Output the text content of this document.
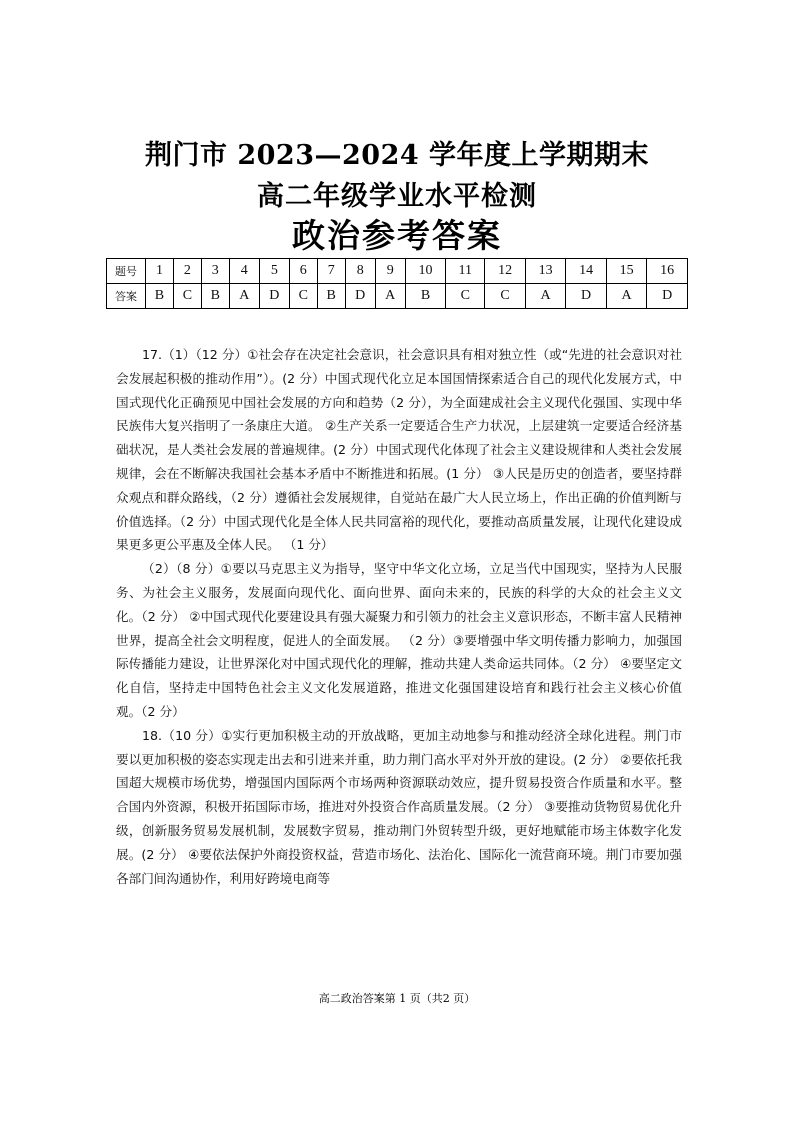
荆门市 2023—2024 学年度上学期期末
高二年级学业水平检测
政治参考答案
题号	1	2	3	4	5	6	7	8	9	10	11	12	13	14	15	16
答案	B	C	B	A	D	C	B	D	A	B	C	C	A	D	A	D

17.（1）（12 分）①社会存在决定社会意识，社会意识具有相对独立性（或“先进的社会意识对社会发展起积极的推动作用”）。(2 分）中国式现代化立足本国国情探索适合自己的现代化发展方式，中国式现代化正确预见中国社会发展的方向和趋势（2 分），为全面建成社会主义现代化强国、实现中华民族伟大复兴指明了一条康庄大道。 ②生产关系一定要适合生产力状况，上层建筑一定要适合经济基础状况，是人类社会发展的普遍规律。(2 分）中国式现代化体现了社会主义建设规律和人类社会发展规律，会在不断解决我国社会基本矛盾中不断推进和拓展。(1 分） ③人民是历史的创造者，要坚持群众观点和群众路线，（2 分）遵循社会发展规律，自觉站在最广大人民立场上，作出正确的价值判断与价值选择。（2 分）中国式现代化是全体人民共同富裕的现代化，要推动高质量发展，让现代化建设成果更多更公平惠及全体人民。 （1 分）

（2）（8 分）①要以马克思主义为指导，坚守中华文化立场，立足当代中国现实，坚持为人民服务、为社会主义服务，发展面向现代化、面向世界、面向未来的，民族的科学的大众的社会主义文化。（2 分） ②中国式现代化要建设具有强大凝聚力和引领力的社会主义意识形态，不断丰富人民精神世界，提高全社会文明程度，促进人的全面发展。 （2 分）③要增强中华文明传播力影响力，加强国际传播能力建设，让世界深化对中国式现代化的理解，推动共建人类命运共同体。（2 分） ④要坚定文化自信，坚持走中国特色社会主义文化发展道路，推进文化强国建设培育和践行社会主义核心价值观。（2 分）

18.（10 分）①实行更加积极主动的开放战略，更加主动地参与和推动经济全球化进程。荆门市要以更加积极的姿态实现走出去和引进来并重，助力荆门高水平对外开放的建设。(2 分） ②要依托我国超大规模市场优势，增强国内国际两个市场两种资源联动效应，提升贸易投资合作质量和水平。整合国内外资源，积极开拓国际市场，推进对外投资合作高质量发展。（2 分） ③要推动货物贸易优化升级，创新服务贸易发展机制，发展数字贸易，推动荆门外贸转型升级，更好地赋能市场主体数字化发展。(2 分） ④要依法保护外商投资权益，营造市场化、法治化、国际化一流营商环境。荆门市要加强各部门间沟通协作，利用好跨境电商等

高二政治答案第 1 页（共2 页）
